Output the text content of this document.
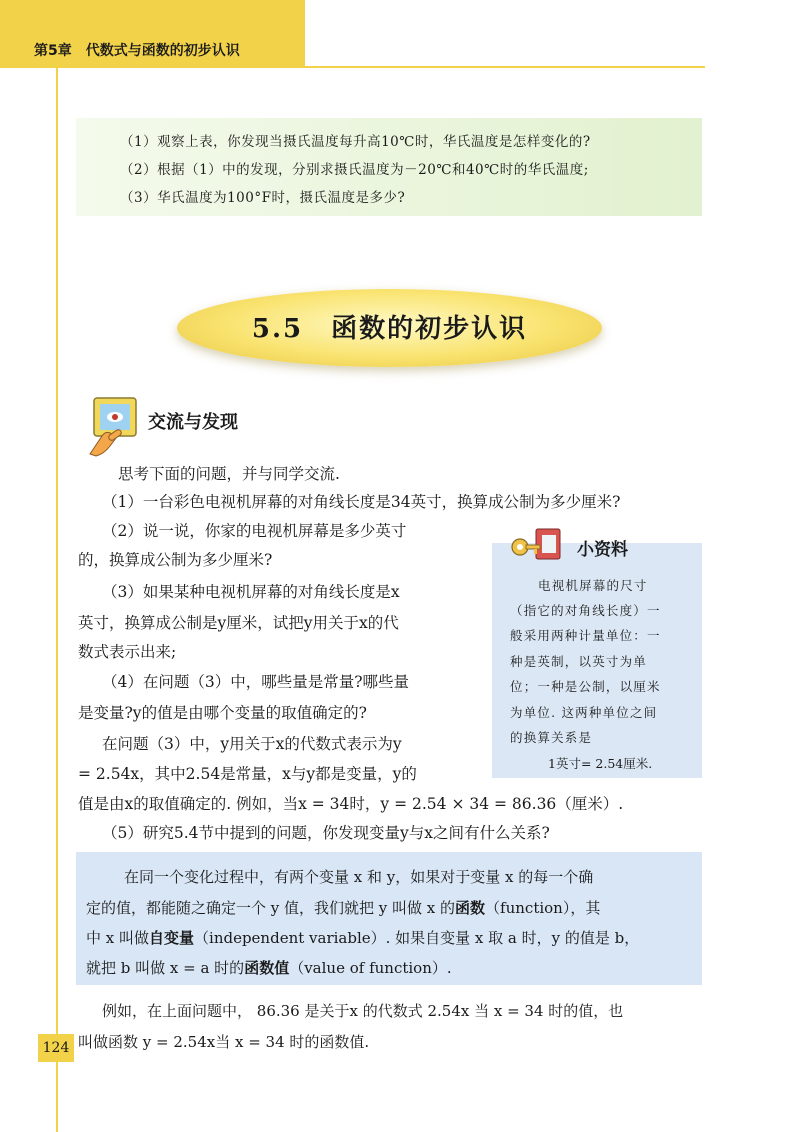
第5章　代数式与函数的初步认识

（1）观察上表，你发现当摄氏温度每升高10℃时，华氏温度是怎样变化的?

（2）根据（1）中的发现，分别求摄氏温度为－20℃和40℃时的华氏温度;

（3）华氏温度为100°F时，摄氏温度是多少?

5.5　函数的初步认识
交流与发现

思考下面的问题，并与同学交流.

（1）一台彩色电视机屏幕的对角线长度是34英寸，换算成公制为多少厘米?

（2）说一说，你家的电视机屏幕是多少英寸

的，换算成公制为多少厘米?

（3）如果某种电视机屏幕的对角线长度是x

英寸，换算成公制是y厘米，试把y用关于x的代

数式表示出来;

（4）在问题（3）中，哪些量是常量?哪些量

是变量?y的值是由哪个变量的取值确定的?

在问题（3）中，y用关于x的代数式表示为y

= 2.54x，其中2.54是常量，x与y都是变量，y的

值是由x的取值确定的. 例如，当x = 34时，y = 2.54 × 34 = 86.36（厘米）.

（5）研究5.4节中提到的问题，你发现变量y与x之间有什么关系?

小资料
电视机屏幕的尺寸
（指它的对角线长度）一
般采用两种计量单位：一
种是英制，以英寸为单
位；一种是公制，以厘米
为单位. 这两种单位之间
的换算关系是
1英寸= 2.54厘米.
在同一个变化过程中，有两个变量 x 和 y，如果对于变量 x 的每一个确
定的值，都能随之确定一个 y 值，我们就把 y 叫做 x 的函数（function），其
中 x 叫做自变量（independent variable）. 如果自变量 x 取 a 时，y 的值是 b，
就把 b 叫做 x = a 时的函数值（value of function）.

例如，在上面问题中， 86.36 是关于x 的代数式 2.54x 当 x = 34 时的值，也

叫做函数 y = 2.54x当 x = 34 时的函数值.

124
